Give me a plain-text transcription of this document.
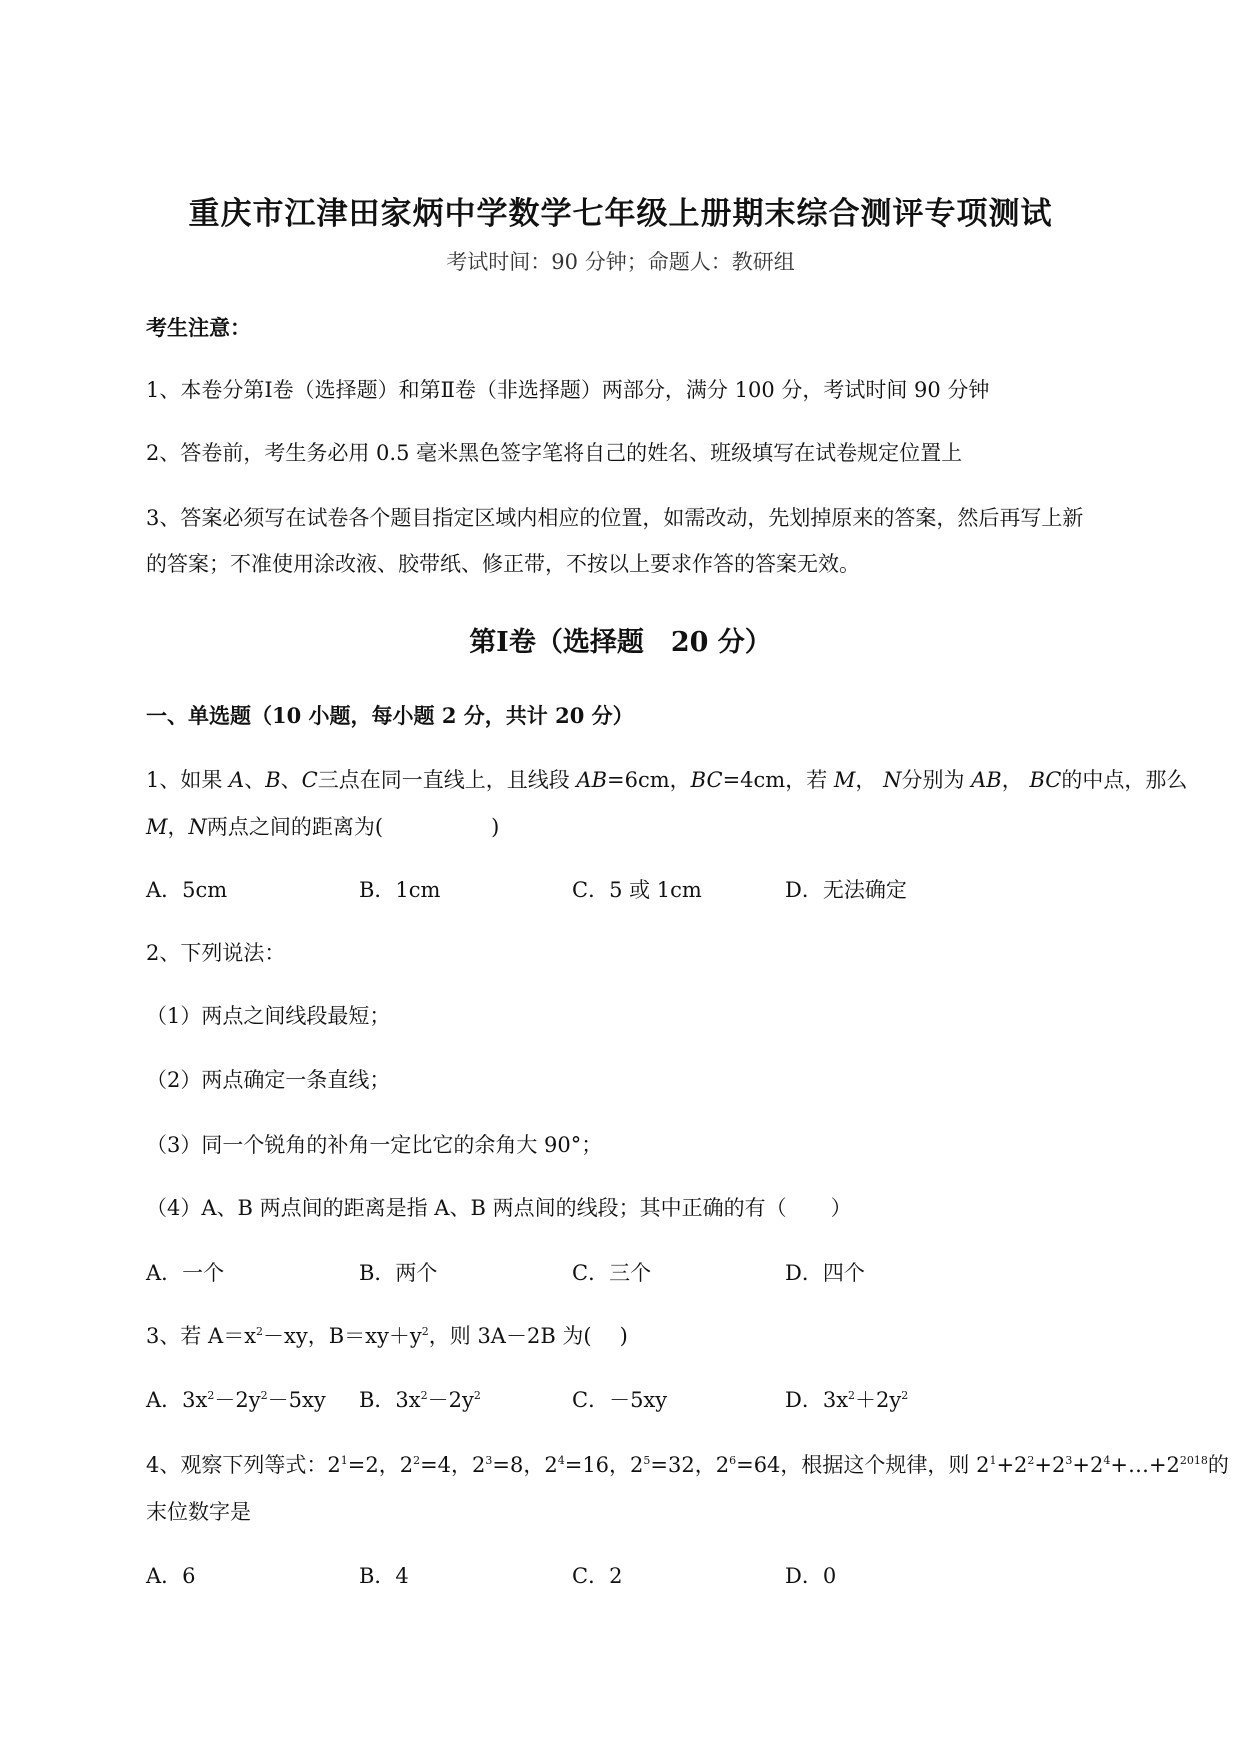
重庆市江津田家炳中学数学七年级上册期末综合测评专项测试
考试时间：90 分钟；命题人：教研组
考生注意：
1、本卷分第Ⅰ卷（选择题）和第Ⅱ卷（非选择题）两部分，满分 100 分，考试时间 90 分钟
2、答卷前，考生务必用 0.5 毫米黑色签字笔将自己的姓名、班级填写在试卷规定位置上
3、答案必须写在试卷各个题目指定区域内相应的位置，如需改动，先划掉原来的答案，然后再写上新
的答案；不准使用涂改液、胶带纸、修正带，不按以上要求作答的答案无效。
第Ⅰ卷（选择题　20 分）
一、单选题（10 小题，每小题 2 分，共计 20 分）
1、如果 A、B、C三点在同一直线上，且线段 AB=6cm，BC=4cm，若 M， N分别为 AB， BC的中点，那么
M，N两点之间的距离为(	)
A．5cm	B．1cm	C．5 或 1cm	D．无法确定
2、下列说法：
（1）两点之间线段最短；
（2）两点确定一条直线；
（3）同一个锐角的补角一定比它的余角大 90°；
（4）A、B 两点间的距离是指 A、B 两点间的线段；其中正确的有（ ）
A．一个	B．两个	C．三个	D．四个
3、若 $A=x^2-xy$，$B=xy+y^2$，则 3A－2B 为( )
A．$3x^2-2y^2-5xy$ B．$3x^2-2y^2$	C．－5xy	D．$3x^2+2y^2$
4、观察下列等式：$2^1=2$，$2^2=4$，$2^3=8$，$2^4=16$，$2^5=32$，$2^6=64$，根据这个规律，则 $2^1+2^2+2^3+2^4+\dots+2^{2018}$的
末位数字是
A．6	B．4	C．2	D．0
